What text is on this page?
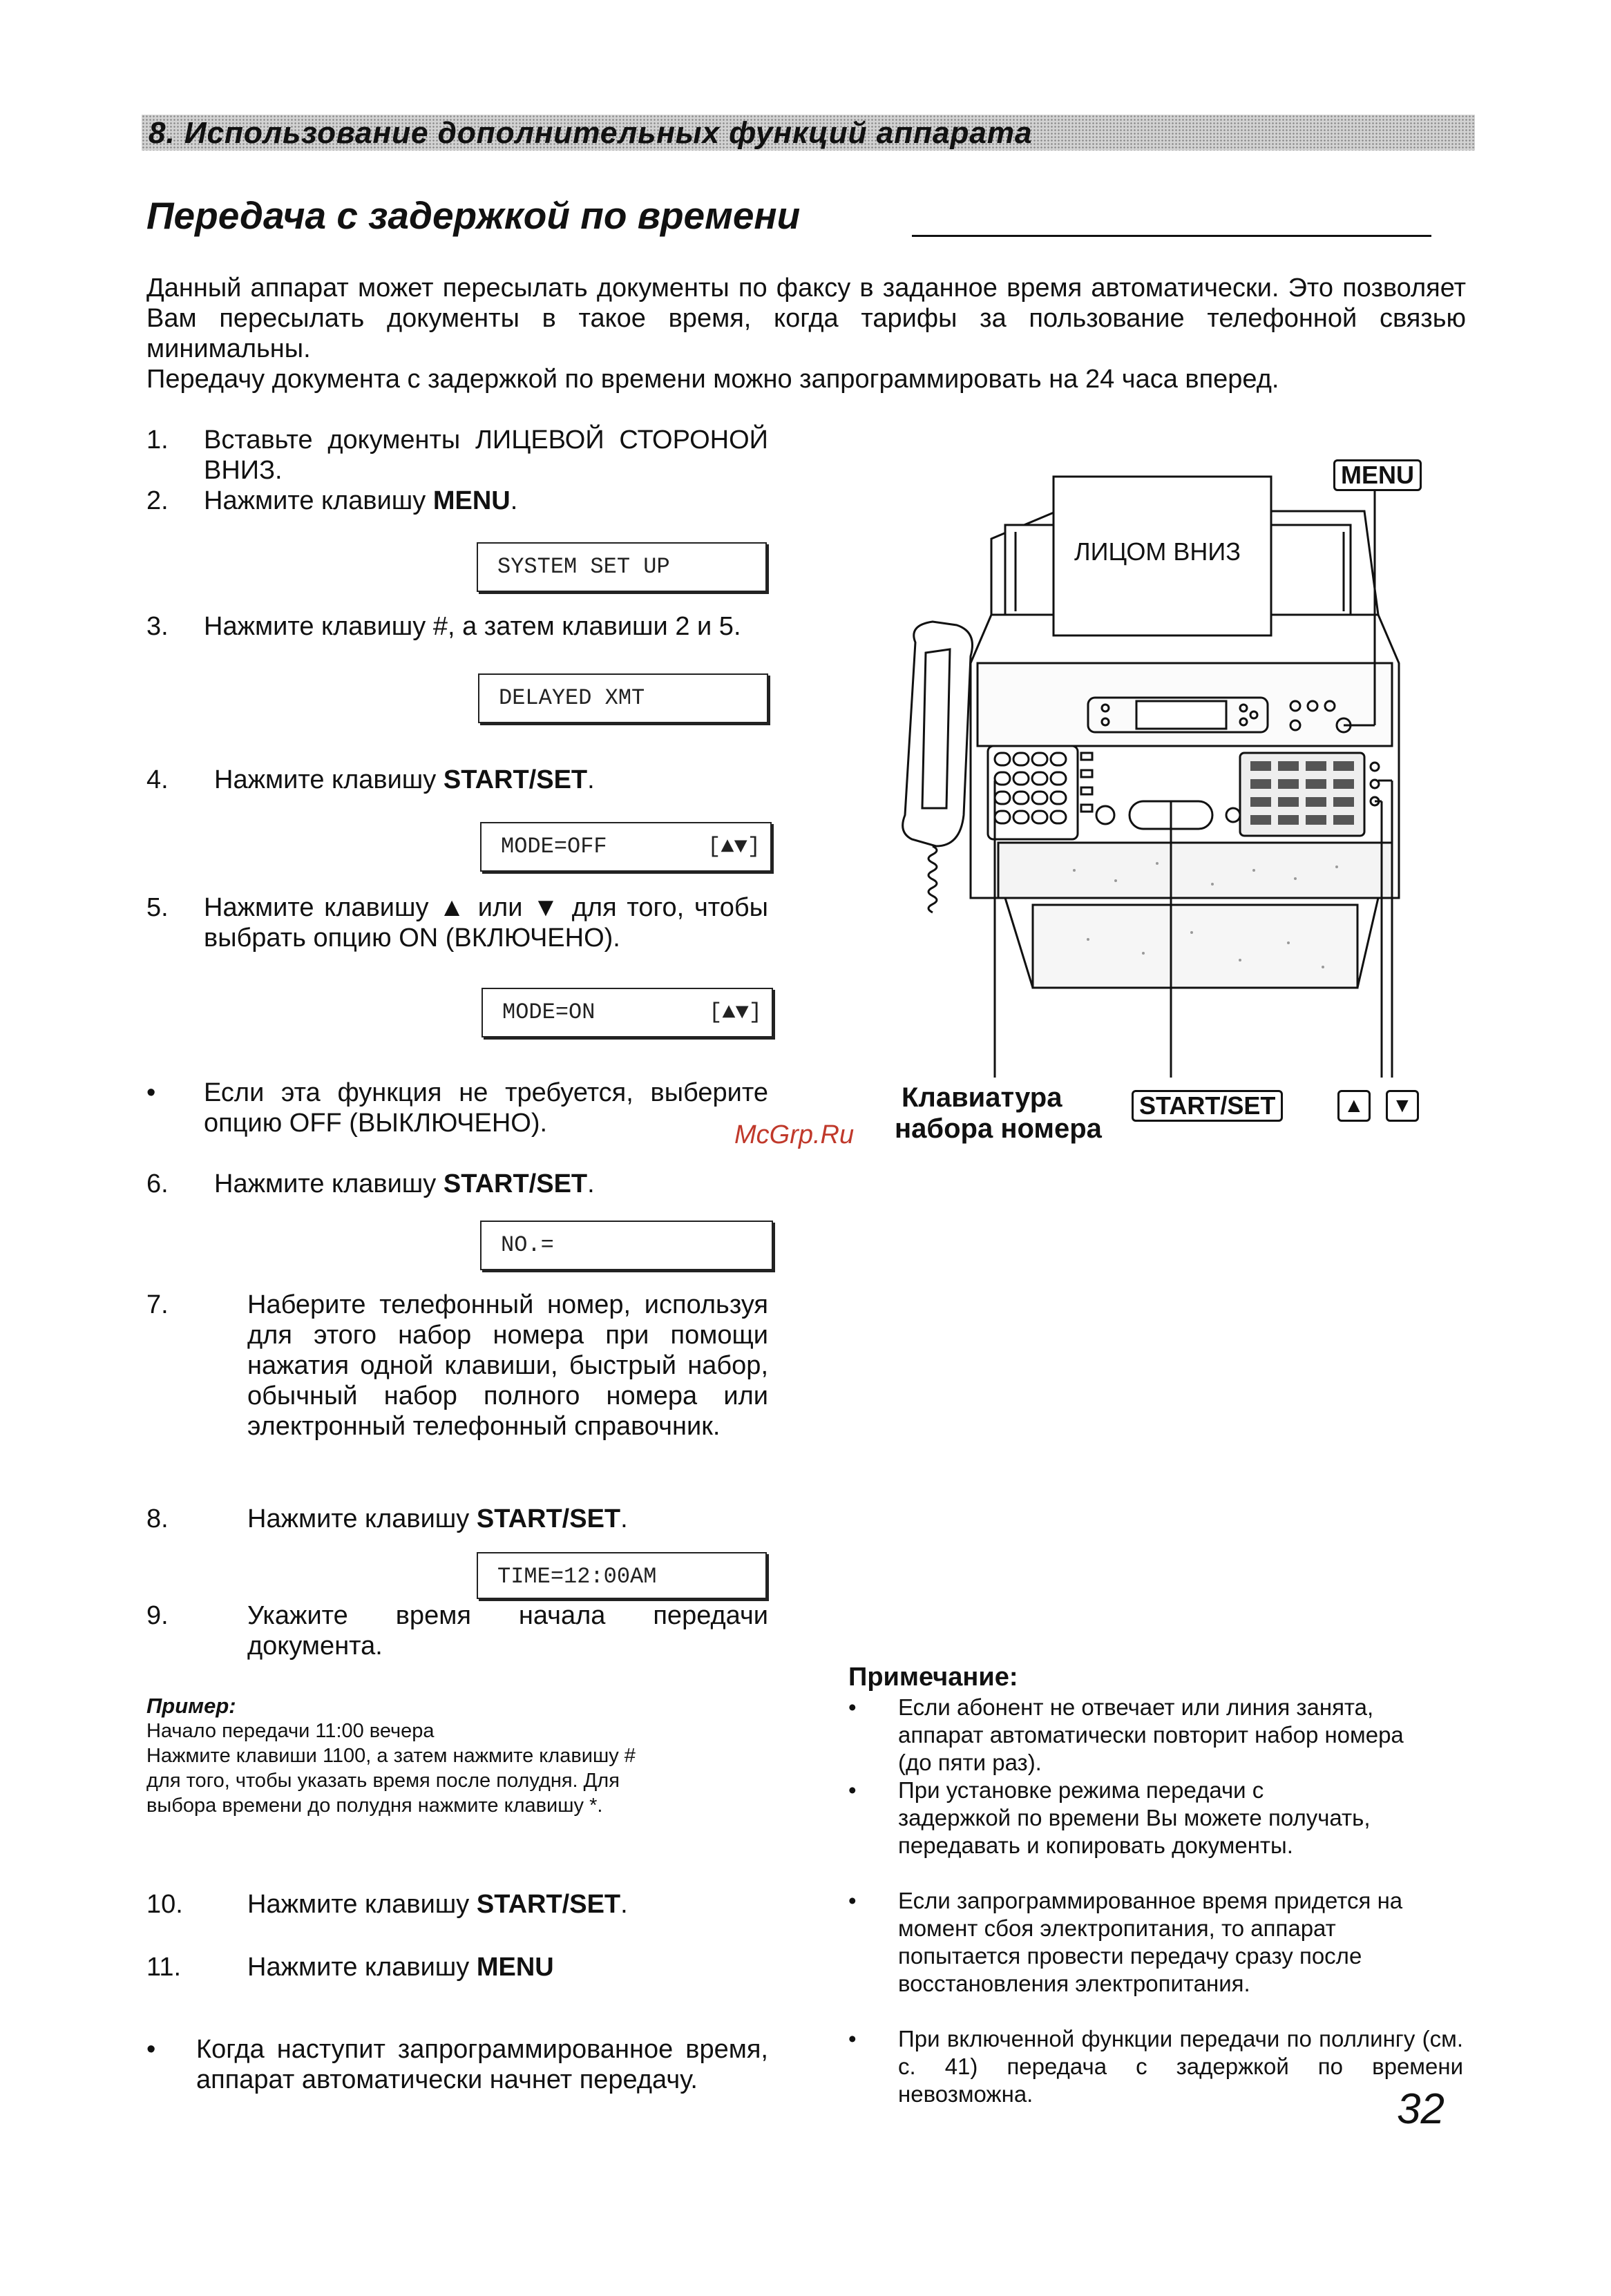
8. Использование дополнительных функций аппарата
Передача с задержкой по времени

Данный аппарат может пересылать документы по факсу в заданное время автоматически. Это позволяет Вам пересылать документы в такое время, когда тарифы за пользование телефонной связью минимальны.

Передачу документа с задержкой по времени можно запрограммировать на 24 часа вперед.

1. Вставьте документы ЛИЦЕВОЙ СТОРОНОЙ ВНИЗ.
2. Нажмите клавишу MENU.
SYSTEM SET UP
3. Нажмите клавишу #, а затем клавиши 2 и 5.
DELAYED XMT
4. Нажмите клавишу START/SET.
MODE=OFF	[▲▼]
5. Нажмите клавишу ▲ или ▼ для того, чтобы выбрать опцию ON (ВКЛЮЧЕНО).
MODE=ON	[▲▼]
• Если эта функция не требуется, выберите опцию OFF (ВЫКЛЮЧЕНО).
6. Нажмите клавишу START/SET.
NO.=
7.	Наберите телефонный номер, используя для этого набор номера при помощи нажатия одной клавиши, быстрый набор, обычный набор полного номера или электронный телефонный справочник.
8.	Нажмите клавишу START/SET.
TIME=12:00AM
9.	Укажите время начала передачи документа.
Пример:
Начало передачи 11:00 вечера
Нажмите клавиши 1100, а затем нажмите клавишу #
для того, чтобы указать время после полудня. Для
выбора времени до полудня нажмите клавишу *.
10. Нажмите клавишу START/SET.
11.	Нажмите клавишу MENU
• Когда наступит запрограммированное время, аппарат автоматически начнет передачу.
ЛИЦОМ ВНИЗ
MENU
Клавиатура
набора номера
McGrp.Ru
START/SET	▲	▼
Примечание:
• Если абонент не отвечает или линия занята, аппарат автоматически повторит набор номера (до пяти раз).
• При установке режима передачи с задержкой по времени Вы можете получать, передавать и копировать документы.
• Если запрограммированное время придется на момент сбоя электропитания, то аппарат попытается провести передачу сразу после восстановления электропитания.
• При включенной функции передачи по поллингу (см. с. 41) передача с задержкой по времени невозможна.	32
